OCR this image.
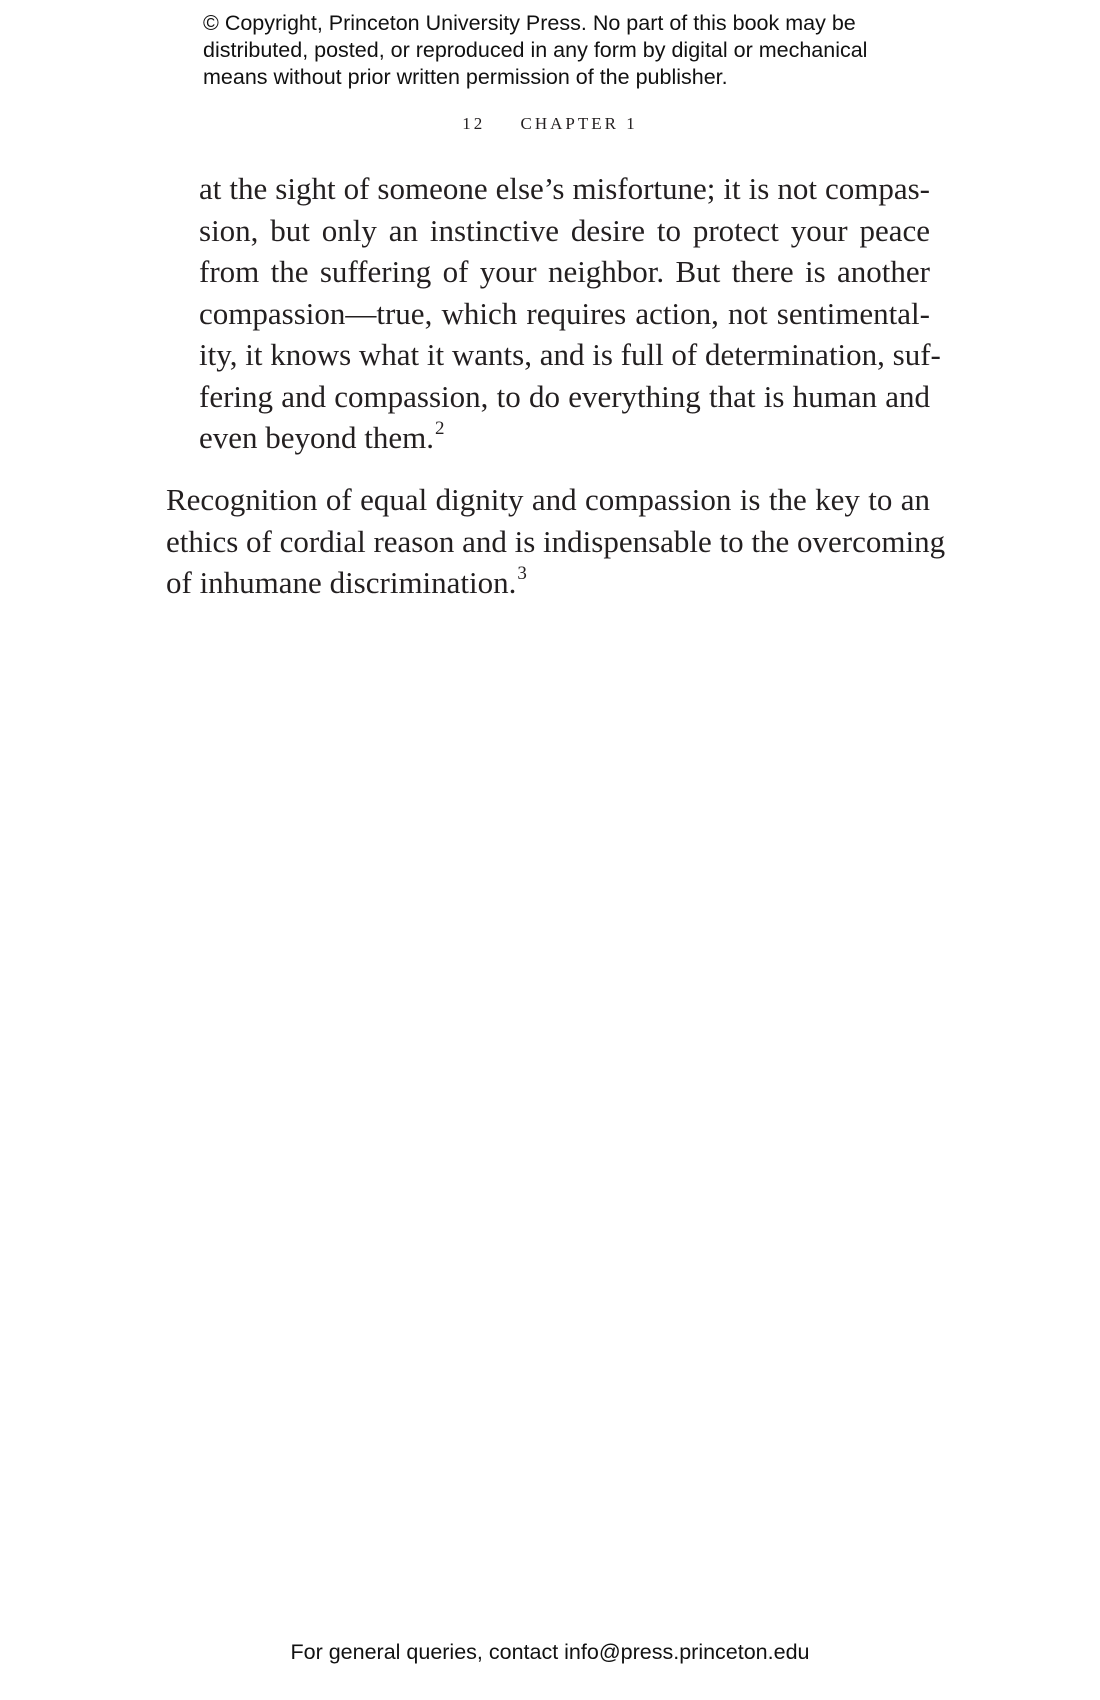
© Copyright, Princeton University Press. No part of this book may be
distributed, posted, or reproduced in any form by digital or mechanical
means without prior written permission of the publisher.
12 CHAPTER 1
at the sight of someone else’s misfortune; it is not compas-
sion, but only an instinctive desire to protect your peace
from the suffering of your neighbor. But there is another
compassion—true, which requires action, not sentimental-
ity, it knows what it wants, and is full of determination, suf-
fering and compassion, to do everything that is human and
even beyond them.$^2$
Recognition of equal dignity and compassion is the key to an
ethics of cordial reason and is indispensable to the overcoming
of inhumane discrimination.$^3$
For general queries, contact info@press.princeton.edu
